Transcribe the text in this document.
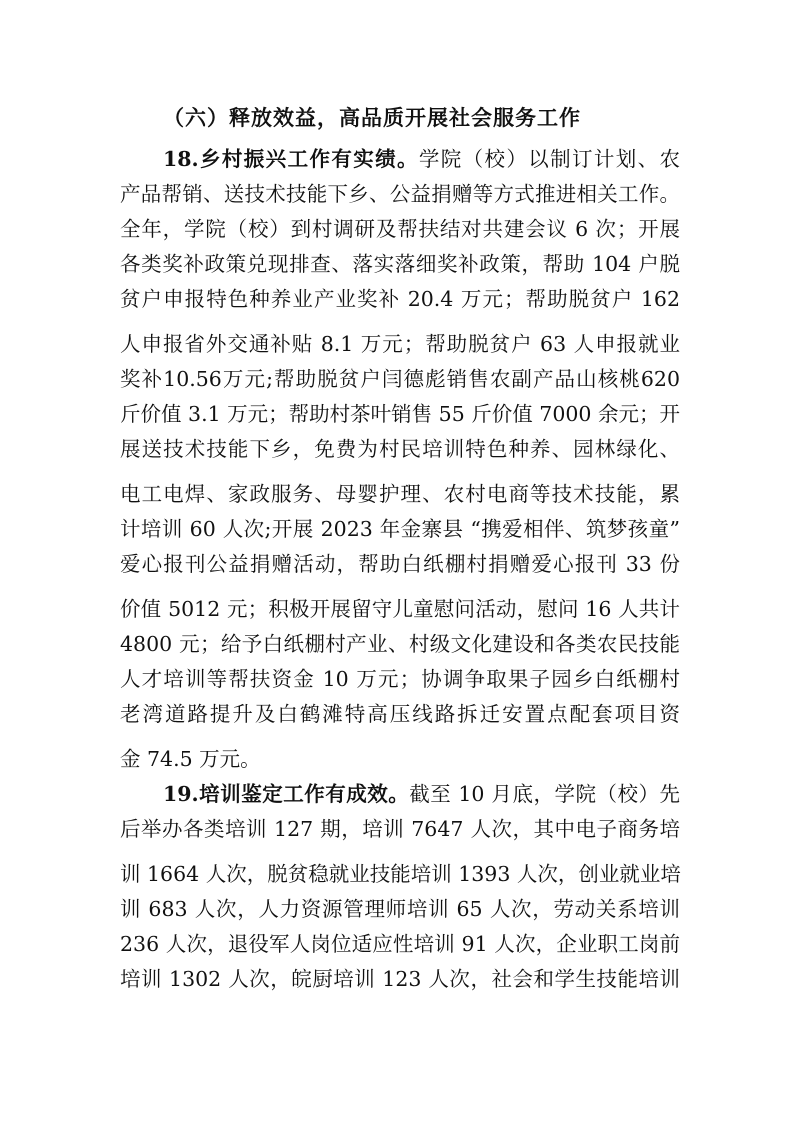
（六）释放效益，高品质开展社会服务工作
18.乡村振兴工作有实绩。学院（校）以制订计划、农
产品帮销、送技术技能下乡、公益捐赠等方式推进相关工作。
全年，学院（校）到村调研及帮扶结对共建会议 6 次；开展
各类奖补政策兑现排查、落实落细奖补政策，帮助 104 户脱
贫户申报特色种养业产业奖补 20.4 万元；帮助脱贫户 162
人申报省外交通补贴 8.1 万元；帮助脱贫户 63 人申报就业
奖补10.56万元;帮助脱贫户闫德彪销售农副产品山核桃620
斤价值 3.1 万元；帮助村茶叶销售 55 斤价值 7000 余元；开
展送技术技能下乡，免费为村民培训特色种养、园林绿化、
电工电焊、家政服务、母婴护理、农村电商等技术技能，累
计培训 60 人次;开展 2023 年金寨县 “携爱相伴、筑梦孩童”
爱心报刊公益捐赠活动，帮助白纸棚村捐赠爱心报刊 33 份
价值 5012 元；积极开展留守儿童慰问活动，慰问 16 人共计
4800 元；给予白纸棚村产业、村级文化建设和各类农民技能
人才培训等帮扶资金 10 万元；协调争取果子园乡白纸棚村
老湾道路提升及白鹤滩特高压线路拆迁安置点配套项目资
金 74.5 万元。
19.培训鉴定工作有成效。截至 10 月底，学院（校）先
后举办各类培训 127 期，培训 7647 人次，其中电子商务培
训 1664 人次，脱贫稳就业技能培训 1393 人次，创业就业培
训 683 人次，人力资源管理师培训 65 人次，劳动关系培训
236 人次，退役军人岗位适应性培训 91 人次，企业职工岗前
培训 1302 人次，皖厨培训 123 人次，社会和学生技能培训
